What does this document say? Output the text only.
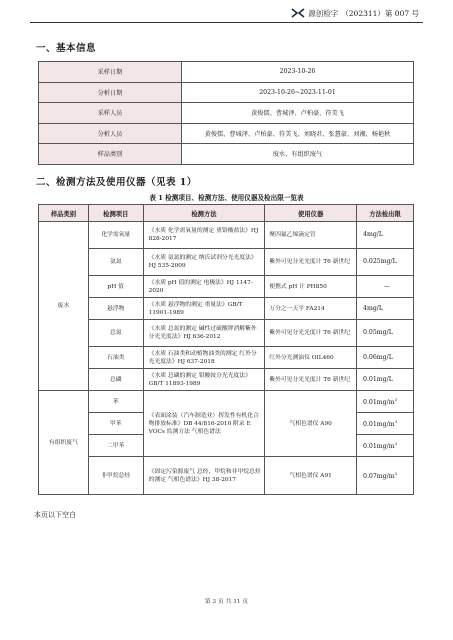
源创检字 （202311）第 007 号
一、基本信息
采样日期	2023-10-26
分析日期	2023-10-26~2023-11-01
采样人员	黄俊儒、曹城泽、卢柏豪、符美飞
分析人员	黄俊儒、曹城泽、卢柏豪、符美飞、刘晓君、张慧豪、刘湘、杨艳秋
样品类别	废水、有组织废气
二、检测方法及使用仪器（见表 1）
表 1 检测项目、检测方法、使用仪器及检出限一览表
样品类别	检测项目	检测方法	使用仪器	方法检出限
废水	化学需氧量	《水质 化学需氧量的测定 重铬酸盐法》HJ 828-2017	聚四氟乙烯滴定管	4mg/L
	氨氮	《水质 氨氮的测定 纳氏试剂分光光度法》HJ 535-2009	紫外可见分光光度计 T6 新世纪	0.025mg/L
	pH 值	《水质 pH 值的测定 电极法》HJ 1147-2020	便携式 pH 计 PH850	—
	悬浮物	《水质 悬浮物的测定 重量法》GB/T 11901-1989	万分之一天平 FA214	4mg/L
	总氮	《水质 总氮的测定 碱性过硫酸钾消解紫外分光光度法》HJ 636-2012	紫外可见分光光度计 T6 新世纪	0.05mg/L
	石油类	《水质 石油类和动植物油类的测定 红外分光光度法》HJ 637-2018	红外分光测油仪 OIL460	0.06mg/L
	总磷	《水质 总磷的测定 钼酸铵分光光度法》GB/T 11893-1989	紫外可见分光光度计 T6 新世纪	0.01mg/L
有组织废气	苯	《表面涂装（汽车制造业）挥发性有机化合物排放标准》DB 44/816-2010 附录 E VOCs 监测方法 气相色谱法	气相色谱仪 A90	$0.01mg/m^3$
	甲苯			$0.01mg/m^3$
	二甲苯			$0.01mg/m^3$
	非甲烷总烃	《固定污染源废气 总烃、甲烷和非甲烷总烃的测定 气相色谱法》HJ 38-2017	气相色谱仪 A91	$0.07mg/m^3$
本页以下空白
第 3 页 共 11 页
